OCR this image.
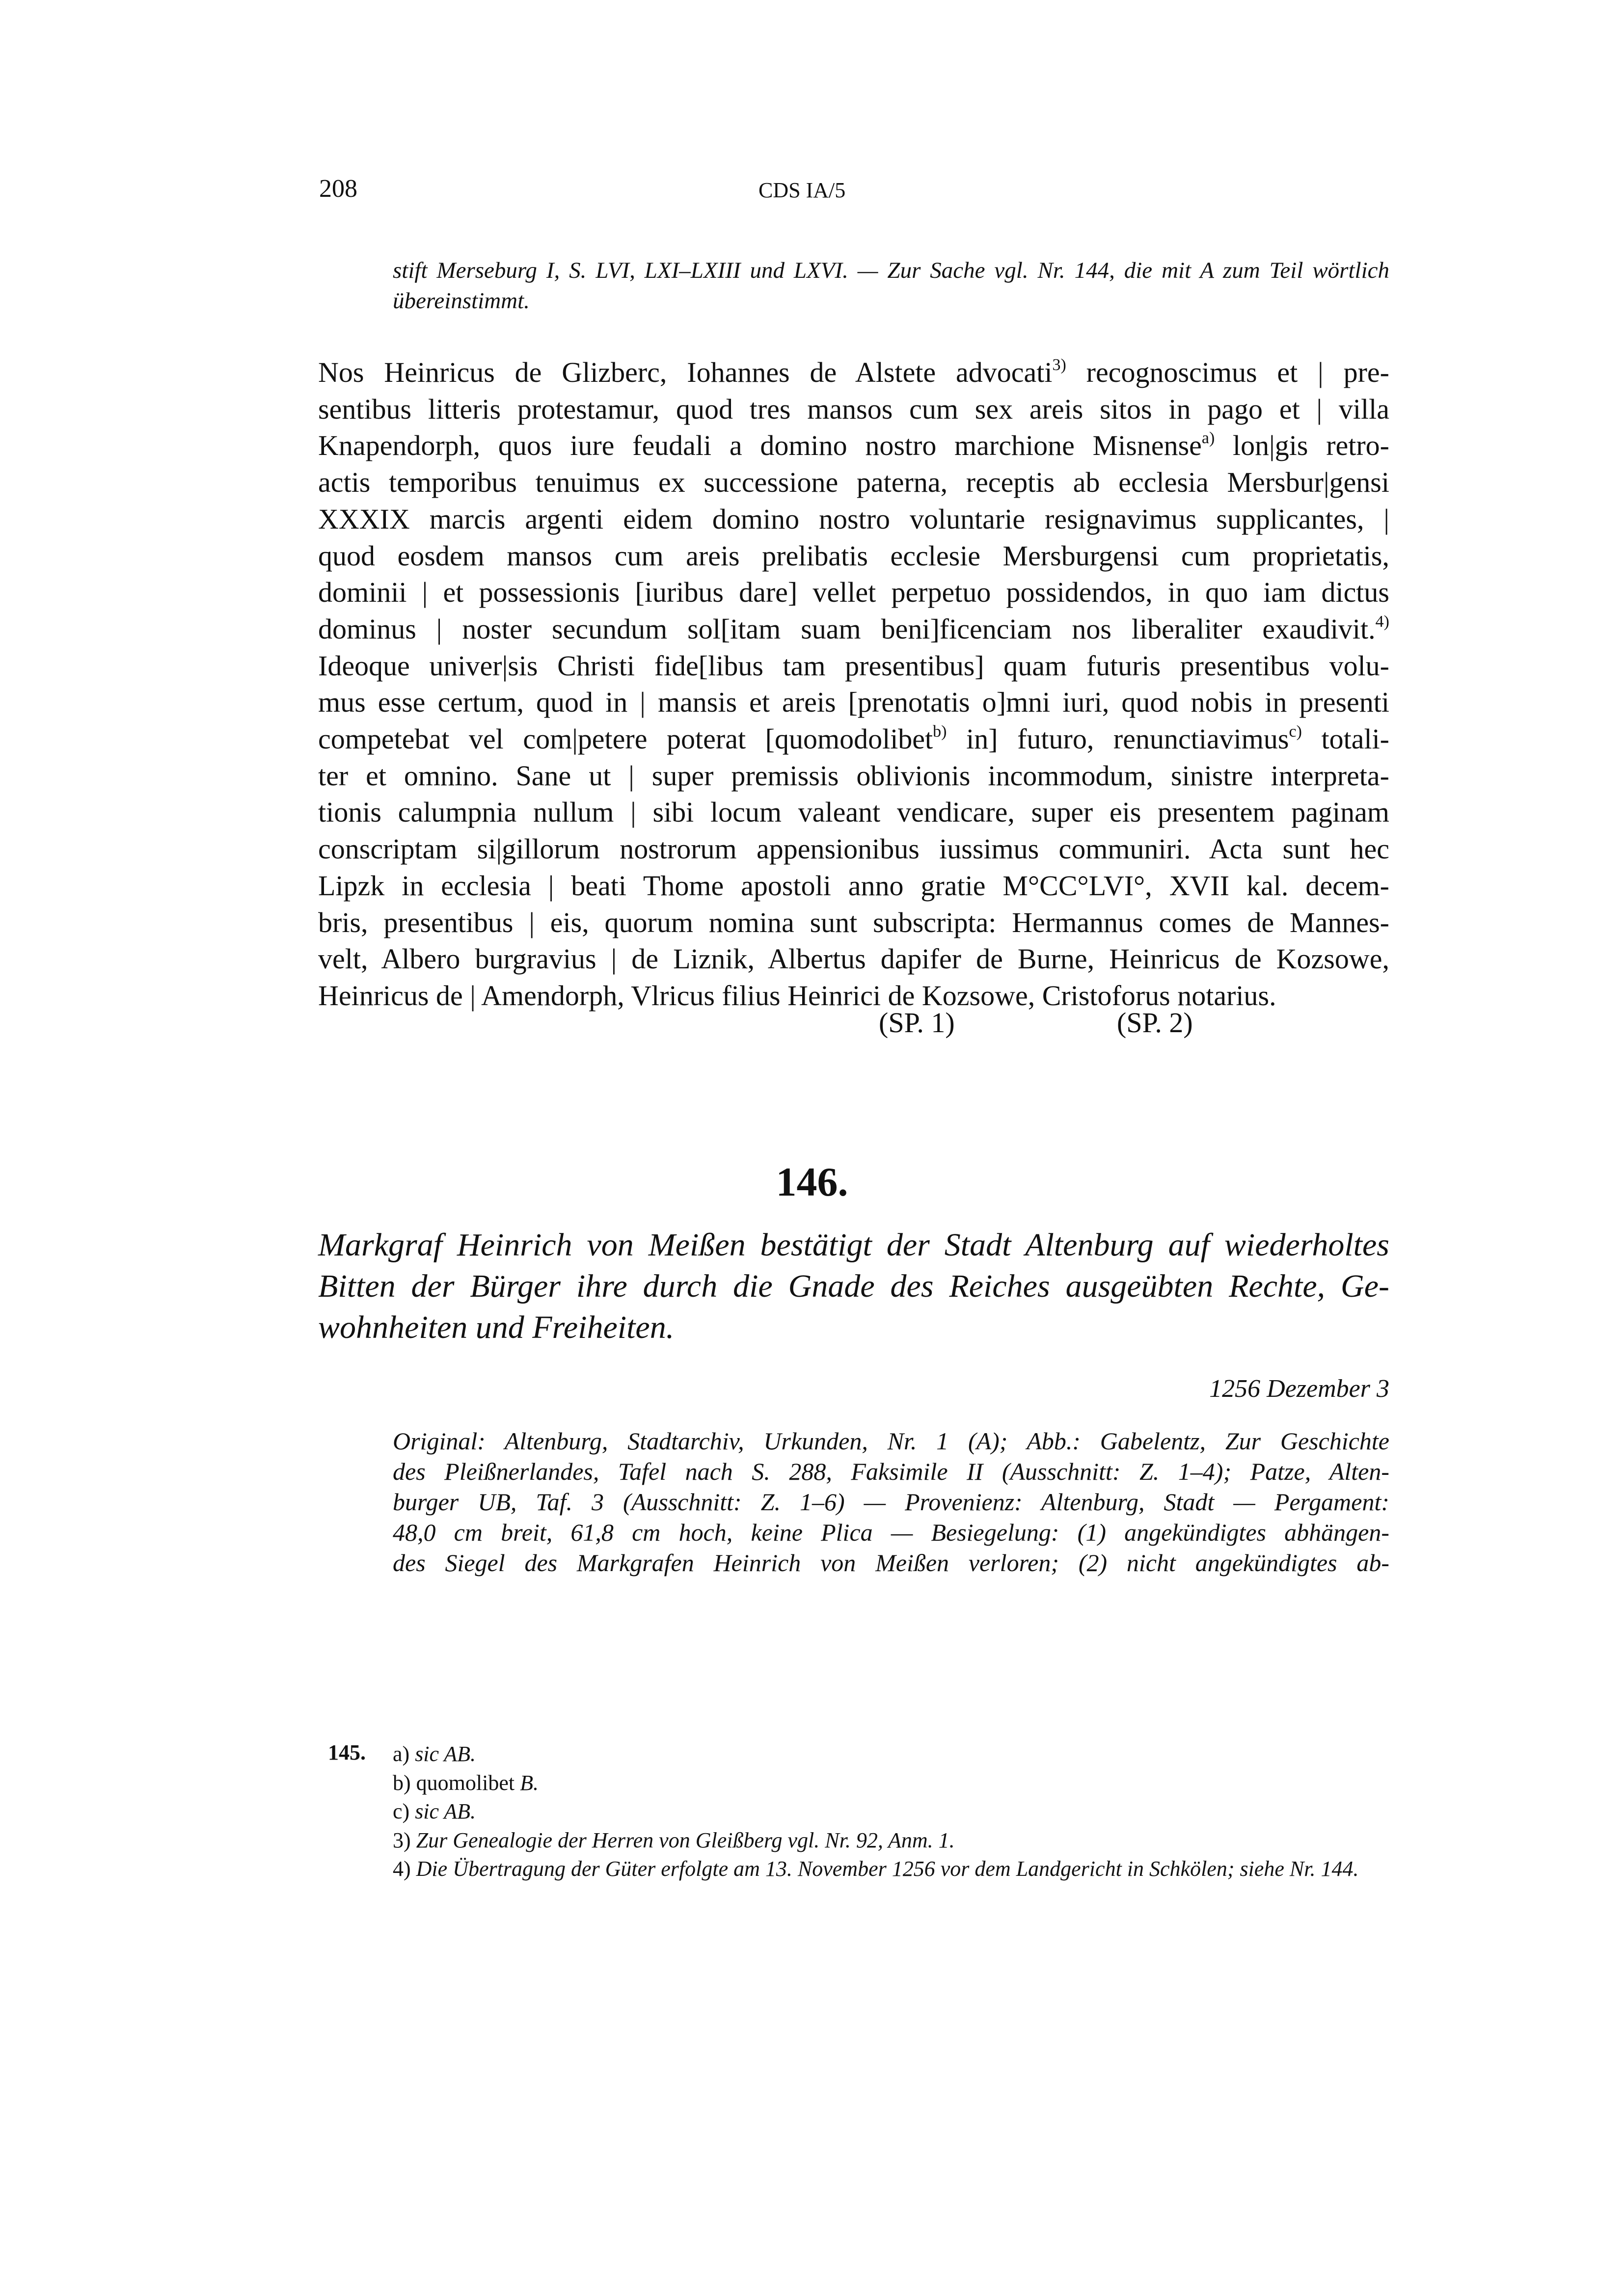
208	CDS IA/5
stift Merseburg I, S. LVI, LXI–LXIII und LXVI. — Zur Sache vgl. Nr. 144, die mit A zum Teil wörtlich übereinstimmt.
Nos Heinricus de Glizberc, Iohannes de Alstete advocati$^{3)}$ recognoscimus et | pre-
sentibus litteris protestamur, quod tres mansos cum sex areis sitos in pago et | villa
Knapendorph, quos iure feudali a domino nostro marchione Misnense$^{a)}$ lon|gis retro-
actis temporibus tenuimus ex successione paterna, receptis ab ecclesia Mersbur|gensi
XXXIX marcis argenti eidem domino nostro voluntarie resignavimus supplicantes, |
quod eosdem mansos cum areis prelibatis ecclesie Mersburgensi cum proprietatis,
dominii | et possessionis [iuribus dare] vellet perpetuo possidendos, in quo iam dictus
dominus | noster secundum sol[itam suam beni]ficenciam nos liberaliter exaudivit.$^{4)}$
Ideoque univer|sis Christi fide[libus tam presentibus] quam futuris presentibus volu-
mus esse certum, quod in | mansis et areis [prenotatis o]mni iuri, quod nobis in presenti
competebat vel com|petere poterat [quomodolibet$^{b)}$ in] futuro, renunctiavimus$^{c)}$ totali-
ter et omnino. Sane ut | super premissis oblivionis incommodum, sinistre interpreta-
tionis calumpnia nullum | sibi locum valeant vendicare, super eis presentem paginam
conscriptam si|gillorum nostrorum appensionibus iussimus communiri. Acta sunt hec
Lipzk in ecclesia | beati Thome apostoli anno gratie M°CC°LVI°, XVII kal. decem-
bris, presentibus | eis, quorum nomina sunt subscripta: Hermannus comes de Mannes-
velt, Albero burgravius | de Liznik, Albertus dapifer de Burne, Heinricus de Kozsowe,
Heinricus de | Amendorph, Vlricus filius Heinrici de Kozsowe, Cristoforus notarius.
(SP. 1)	(SP. 2)
146.
Markgraf Heinrich von Meißen bestätigt der Stadt Altenburg auf wiederholtes
Bitten der Bürger ihre durch die Gnade des Reiches ausgeübten Rechte, Ge-
wohnheiten und Freiheiten.
1256 Dezember 3
Original: Altenburg, Stadtarchiv, Urkunden, Nr. 1 (A); Abb.: Gabelentz, Zur Geschichte
des Pleißnerlandes, Tafel nach S. 288, Faksimile II (Ausschnitt: Z. 1–4); Patze, Alten-
burger UB, Taf. 3 (Ausschnitt: Z. 1–6) — Provenienz: Altenburg, Stadt — Pergament:
48,0 cm breit, 61,8 cm hoch, keine Plica — Besiegelung: (1) angekündigtes abhängen-
des Siegel des Markgrafen Heinrich von Meißen verloren; (2) nicht angekündigtes ab-
145. a) sic AB.
b) quomolibet B.
c) sic AB.
3) Zur Genealogie der Herren von Gleißberg vgl. Nr. 92, Anm. 1.
4) Die Übertragung der Güter erfolgte am 13. November 1256 vor dem Landgericht in Schkölen; siehe Nr. 144.
